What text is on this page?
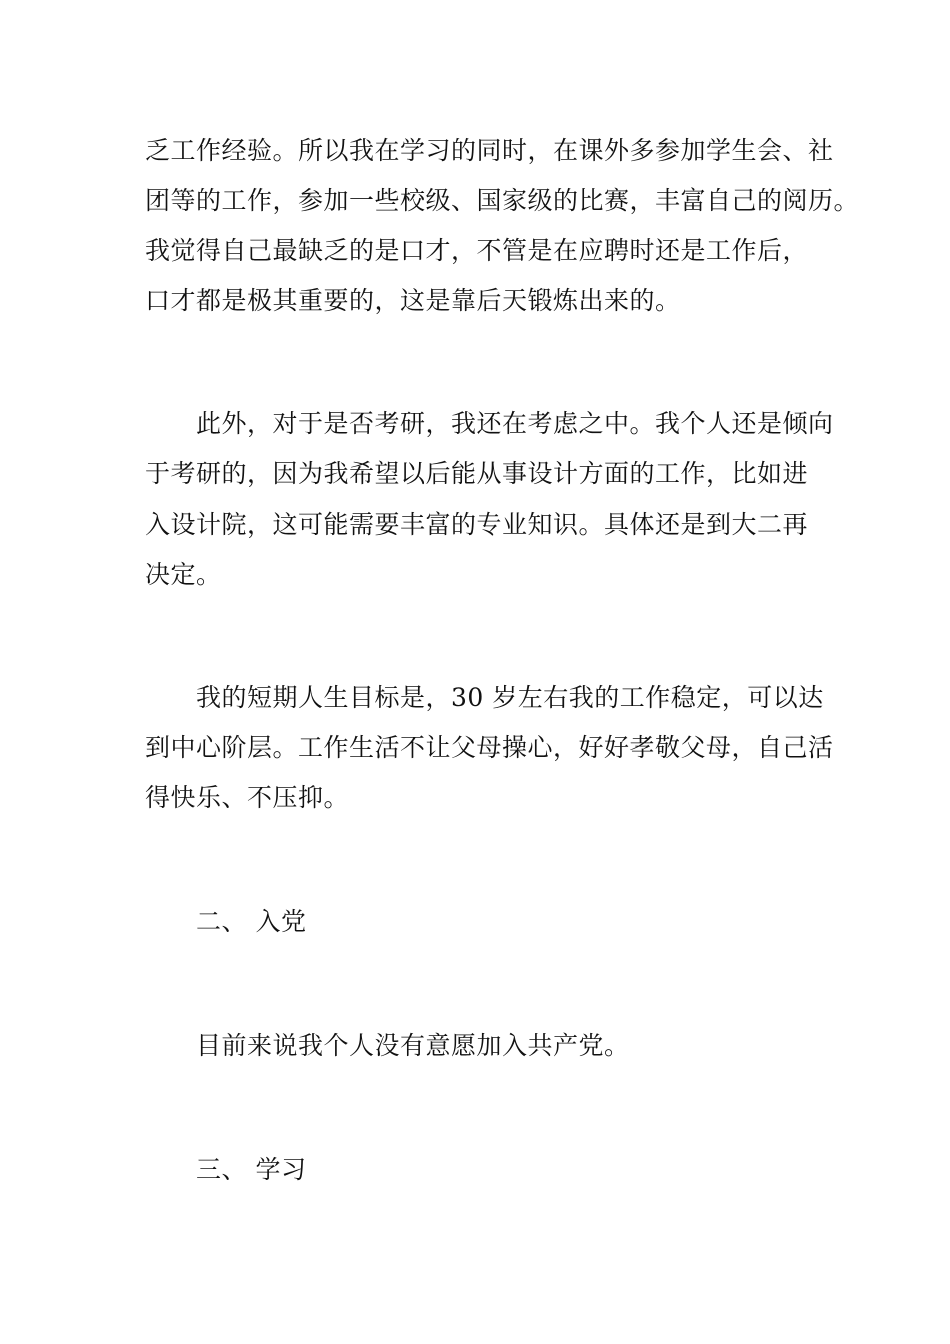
乏工作经验。所以我在学习的同时，在课外多参加学生会、社
团等的工作，参加一些校级、国家级的比赛，丰富自己的阅历。
我觉得自己最缺乏的是口才，不管是在应聘时还是工作后，
口才都是极其重要的，这是靠后天锻炼出来的。
此外，对于是否考研，我还在考虑之中。我个人还是倾向
于考研的，因为我希望以后能从事设计方面的工作，比如进
入设计院，这可能需要丰富的专业知识。具体还是到大二再
决定。
我的短期人生目标是，30 岁左右我的工作稳定，可以达
到中心阶层。工作生活不让父母操心，好好孝敬父母，自己活
得快乐、不压抑。
二、 入党
目前来说我个人没有意愿加入共产党。
三、 学习
